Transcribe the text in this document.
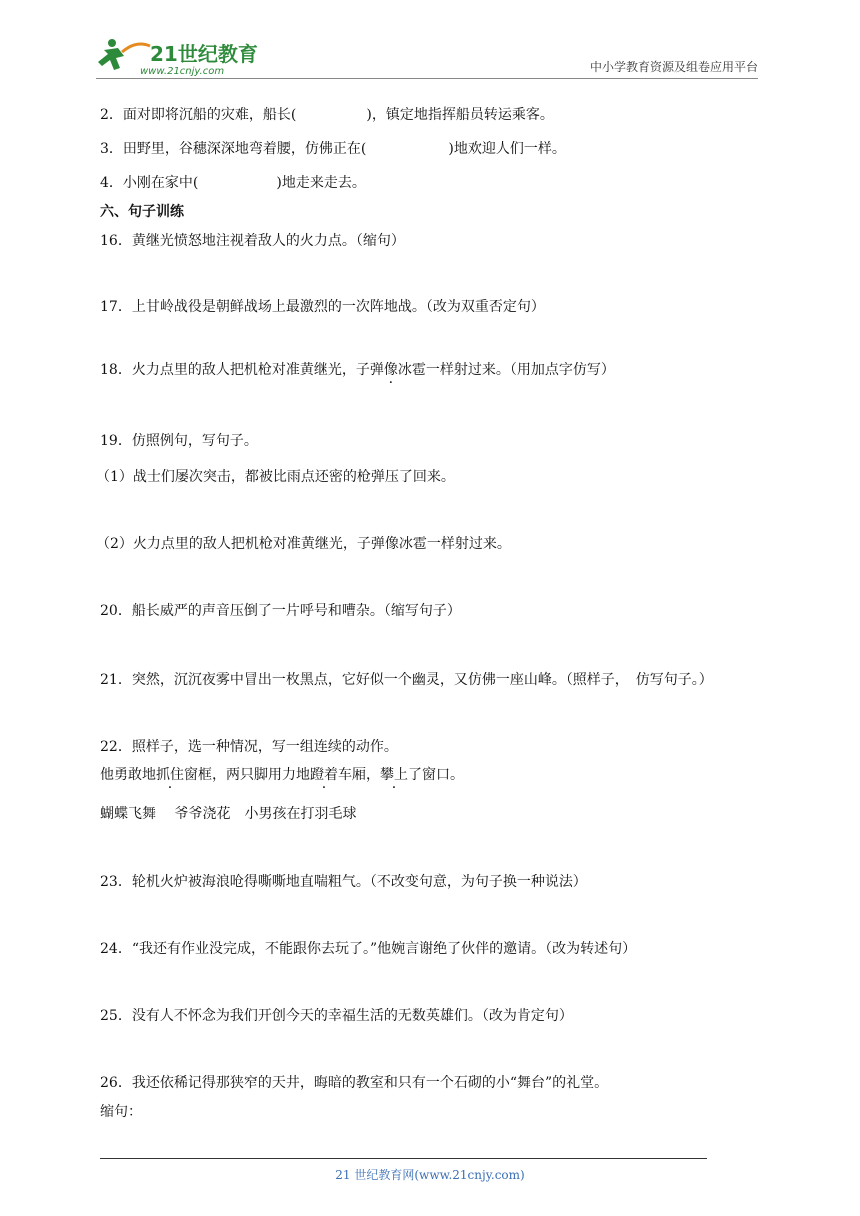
21世纪教育
www.21cnjy.com	中小学教育资源及组卷应用平台
2．面对即将沉船的灾难，船长(	)，镇定地指挥船员转运乘客。
3．田野里，谷穗深深地弯着腰，仿佛正在(	)地欢迎人们一样。
4．小刚在家中(	)地走来走去。
六、句子训练
16．黄继光愤怒地注视着敌人的火力点。（缩句）
17．上甘岭战役是朝鲜战场上最激烈的一次阵地战。（改为双重否定句）
18．火力点里的敌人把机枪对准黄继光，子弹像冰雹一样射过来。（用加点字仿写）
19．仿照例句，写句子。
（1）战士们屡次突击，都被比雨点还密的枪弹压了回来。
（2）火力点里的敌人把机枪对准黄继光，子弹像冰雹一样射过来。
20．船长威严的声音压倒了一片呼号和嘈杂。（缩写句子）
21．突然，沉沉夜雾中冒出一枚黑点，它好似一个幽灵，又仿佛一座山峰。（照样子，　仿写句子。）
22．照样子，选一种情况，写一组连续的动作。
他勇敢地抓住窗框，两只脚用力地蹬着车厢，攀上了窗口。
蝴蝶飞舞　 爷爷浇花　小男孩在打羽毛球
23．轮机火炉被海浪呛得嘶嘶地直喘粗气。（不改变句意，为句子换一种说法）
24．“我还有作业没完成，不能跟你去玩了。”他婉言谢绝了伙伴的邀请。（改为转述句）
25．没有人不怀念为我们开创今天的幸福生活的无数英雄们。（改为肯定句）
26．我还依稀记得那狭窄的天井，晦暗的教室和只有一个石砌的小“舞台”的礼堂。
缩句：
21 世纪教育网(www.21cnjy.com)
